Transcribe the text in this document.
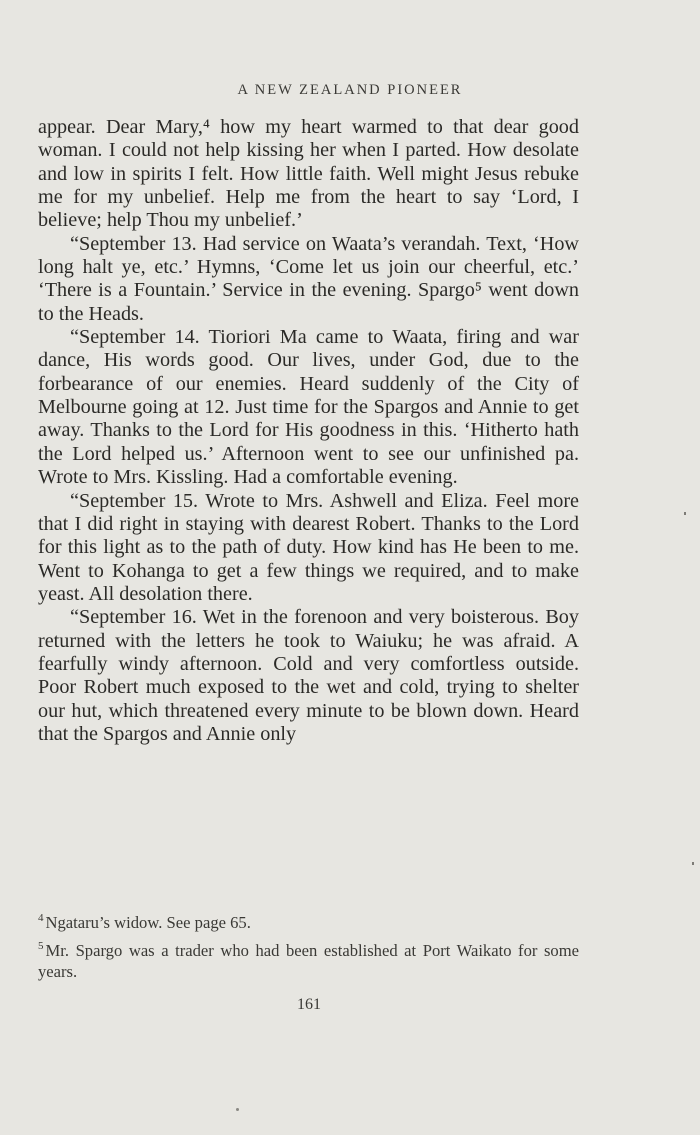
A NEW ZEALAND PIONEER

appear. Dear Mary,⁴ how my heart warmed to that dear good woman. I could not help kissing her when I parted. How desolate and low in spirits I felt. How little faith. Well might Jesus rebuke me for my unbelief. Help me from the heart to say ‘Lord, I believe; help Thou my unbelief.’

“September 13. Had service on Waata’s verandah. Text, ‘How long halt ye, etc.’ Hymns, ‘Come let us join our cheerful, etc.’ ‘There is a Fountain.’ Service in the evening. Spargo⁵ went down to the Heads.

“September 14. Tioriori Ma came to Waata, firing and war dance, His words good. Our lives, under God, due to the forbearance of our enemies. Heard suddenly of the City of Melbourne going at 12. Just time for the Spargos and Annie to get away. Thanks to the Lord for His goodness in this. ‘Hitherto hath the Lord helped us.’ Afternoon went to see our unfinished pa. Wrote to Mrs. Kissling. Had a comfortable evening.

“September 15. Wrote to Mrs. Ashwell and Eliza. Feel more that I did right in staying with dearest Robert. Thanks to the Lord for this light as to the path of duty. How kind has He been to me. Went to Kohanga to get a few things we required, and to make yeast. All desolation there.

“September 16. Wet in the forenoon and very boisterous. Boy returned with the letters he took to Waiuku; he was afraid. A fearfully windy afternoon. Cold and very comfortless outside. Poor Robert much exposed to the wet and cold, trying to shelter our hut, which threatened every minute to be blown down. Heard that the Spargos and Annie only

$^4$ Ngataru’s widow. See page 65.

$^5$ Mr. Spargo was a trader who had been established at Port Waikato for some years.

161
